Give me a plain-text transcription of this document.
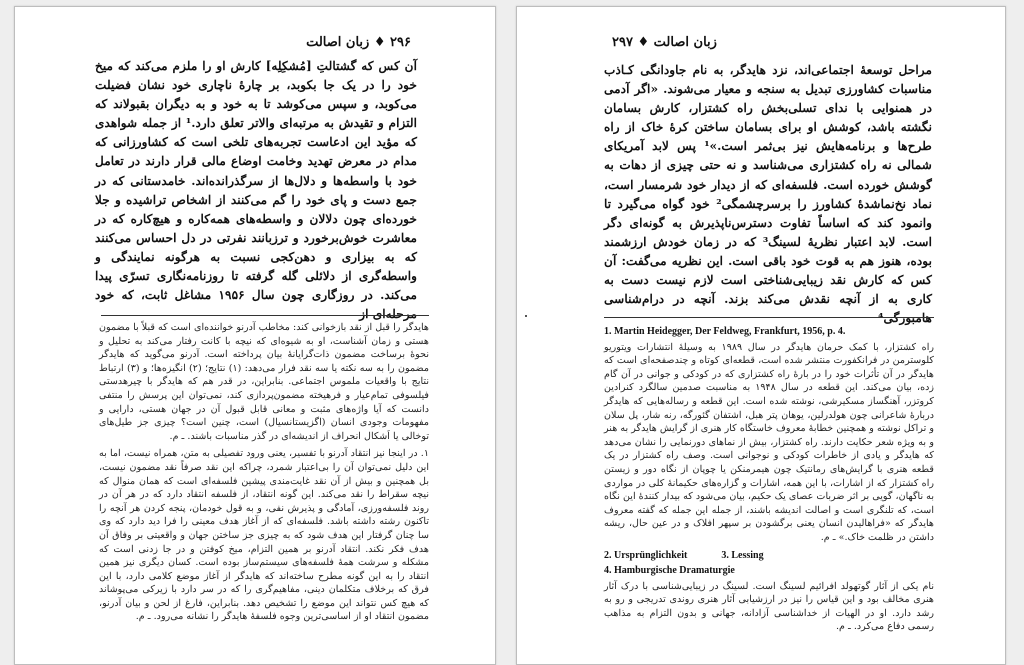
۲۹۶ ♦ زبان اصالت

آن کس که گشتالتِ [مُشکِلِه] کارش او را ملزم می‌کند که میخ خود را در یک جا بکوبد، بر چارهٔ ناچاری خود نشان فضیلت می‌کوبد، و سپس می‌کوشد تا به خود و به دیگران بقبولاند که التزام و تقیدش به مرتبه‌ای والاتر تعلق دارد.¹ از جمله شواهدی که مؤید این ادعاست تجربه‌های تلخی است که کشاورزانی که مدام در معرض تهدید وخامت اوضاع مالی قرار دارند در تعامل خود با واسطه‌ها و دلال‌ها از سرگذرانده‌اند. خامدستانی که در جمع دست و پای خود را گم می‌کنند از اشخاص تراشیده و جلا خورده‌ای چون دلالان و واسطه‌های همه‌کاره و هیچ‌کاره که در معاشرت خوش‌برخورد و ترزبانند نفرتی در دل احساس می‌کنند که به بیزاری و دهن‌کجی نسبت به هرگونه نمایندگی و واسطه‌گری از دلائلی گله گرفته تا روزنامه‌نگاری تسرّی پیدا می‌کند. در روزگاری چون سال ۱۹۵۶ مشاغل ثابت، که خود مرحله‌ای از

هایدگر را قبل از نقد بازخوانی کند: مخاطب آدرنو خواننده‌ای است که قبلاً با مضمون هستی و زمان آشناست، او به شیوه‌ای که نیچه با کانت رفتار می‌کند به تحلیل و نحوهٔ برساخت مضمون ذات‌گرایانهٔ بیان پرداخته است. آدرنو می‌گوید که هایدگر مضمون را به سه نکته یا سه نقد فرار می‌دهد: (۱) نتایج؛ (۲) انگیزه‌ها؛ و (۳) ارتباط نتایج با واقعیات ملموس اجتماعی. بنابراین، در قدر هم که هایدگر با چیرهدستی فیلسوفی تمام‌عیار و فرهیخته مضمون‌پردازی کند، نمی‌توان این پرسش را منتفی دانست که آیا واژه‌های مثبت و معانی قابل قبول آن در جهان هستی، دارایی و مفهومات وجودی انسان (اگزیستانسیال) است، چنین است؟ چیزی جز طیل‌های توخالی یا اَشکال انحراف از اندیشه‌ای در گذر مناسبات باشند. ـ م.

۱. در اینجا نیز انتقاد آدرنو با تفسیر، یعنی ورود تفصیلی به متن، همراه نیست، اما به این دلیل نمی‌توان آن را بی‌اعتبار شمرد، چراکه این نقد صرفاً نقد مضمون نیست، بل همچنین و بیش از آن نقد غایت‌مندی پیشین فلسفه‌ای است که همان منوال که نیچه سقراط را نقد می‌کند. این گونه انتقاد، از فلسفه انتقاد دارد که در هر آن در روند فلسفه‌ورزی، آمادگی و پذیرش نفی، و به قول خودمان، پنجه کردن هر آنچه را تاکنون رشته داشته باشد. فلسفه‌ای که از آغاز هدف معینی را فرا دید دارد که وی سا چنان گرفتار این هدف شود که به چیزی جز ساختن جهان و واقعیتی بر وفاق آن هدف فکر نکند. انتقاد آدرنو بر همین التزام، میخ کوفتن و در جا زدنی است که مشکله و سرشت همهٔ فلسفه‌های سیستم‌ساز بوده است. کسان دیگری نیز همین انتقاد را به این گونه مطرح ساخته‌اند که هایدگر از آغاز موضع کلامی دارد، با این فرق که برخلاف متکلمان دینی، مفاهیم‌گری را که در سر دارد با زیرکی می‌پوشاند که هیچ کس نتواند این موضع را تشخیص دهد. بنابراین، فارغ از لحن و بیان آدرنو، مضمون انتقاد او از اساسی‌ترین وجوه فلسفهٔ هایدگر را نشانه می‌رود. ـ م.

زبان اصالت ♦ ۲۹۷

مراحل توسعهٔ اجتماعی‌اند، نزد هایدگر، به نام جاودانگی کـاذب مناسبات کشاورزی تبدیل به سنجه و معیار می‌شوند. «اگر آدمی در همنوایی با ندای تسلی‌بخش راه کشتزار، کارش بسامان نگشته باشد، کوشش او برای بسامان ساختن کرهٔ خاک از راه طرح‌ها و برنامه‌هایش نیز بی‌ثمر است.»¹ پس لابد آمریکای شمالی نه راه کشتزاری می‌شناسد و نه حتی چیزی از دهات به گوشش خورده است. فلسفه‌ای که از دیدار خود شرمسار است، نماد نخ‌نماشدهٔ کشاورز را برسرچشمگی² خود گواه می‌گیرد تا وانمود کند که اساساً تفاوت دسترس‌ناپذیرش به گونه‌ای دگر است. لابد اعتبار نظریهٔ لسینگ³ که در زمان خودش ارزشمند بوده، هنوز هم به قوت خود باقی است. این نظریه می‌گفت: آن کس که کارش نقد زیبایی‌شناختی است لازم نیست دست به کاری به از آنچه نقدش می‌کند بزند. آنچه در درام‌شناسی هامبورگی⁴

1. Martin Heidegger, Der Feldweg, Frankfurt, 1956, p. 4.

راه کشتزار، با کمک حرمان هایدگر در سال ۱۹۸۹ به وسیلهٔ انتشارات ویتوریو کلوسترمن در فرانکفورت منتشر شده است، قطعه‌ای کوتاه و چندصفحه‌ای است که هایدگر در آن تأثرات خود را در بارهٔ راه کشتزاری که در کودکی و جوانی در آن گام زده، بیان می‌کند. این قطعه در سال ۱۹۴۸ به مناسبت صدمین سالگرد کنرادین کروتزر، آهنگساز مسکیرشی، نوشته شده است. این قطعه و رساله‌هایی که هایدگر دربارهٔ شاعرانی چون هولدرلین، یوهان پتر هبل، اشتفان گئورگه، رنه شار، پل سلان و تراکل نوشته و همچنین خطابهٔ معروف خاستگاه کار هنری از گرایش هایدگر به هنر و به ویژه شعر حکایت دارند. راه کشتزار، بیش از نماهای دورنمایی را نشان می‌دهد که هایدگر و یادی از خاطرات کودکی و نوجوانی است. وصف راه کشتزار در یک قطعه هنری با گرایش‌های رمانتیک چون هیمرمنکن یا چوپان از نگاه دور و زیستن راه کشتزار که از اشارات، با این همه، اشارات و گزاره‌های حکیمانهٔ کلی در مواردی به ناگهان، گویی بر اثر ضربات عصای یک حکیم، بیان می‌شود که بیدار کنندهٔ این نگاه است، که تلنگری است و اصالت اندیشه باشند، از جمله این جمله که گفته معروف هایدگر که «فراهالیدن انسان یعنی برگشودن بر سپهر افلاک و در عین حال، ریشه داشتن در ظلمت خاک.» ـ م.

2. Ursprünglichkeit	3. Lessing

4. Hamburgische Dramaturgie

نام یکی از آثار گوتهولد افرائیم لسینگ است. لسینگ در زیبایی‌شناسی با درک آثار هنری مخالف بود و این قیاس را نیز در ارزشیابی آثار هنری روندی تدریجی و رو به رشد دارد. او در الهیات از خداشناسی آزادانه، جهانی و بدون التزام به مذاهب رسمی دفاع می‌کرد. ـ م.
